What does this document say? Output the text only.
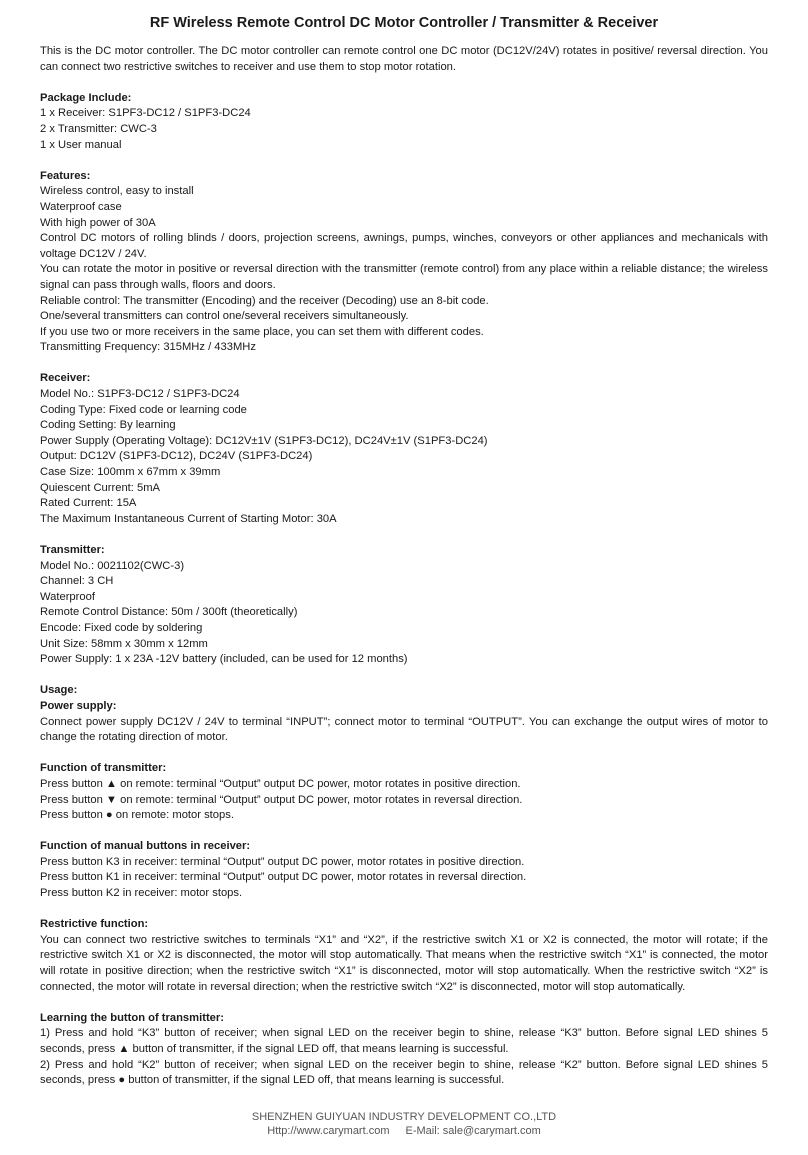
RF Wireless Remote Control DC Motor Controller / Transmitter & Receiver

This is the DC motor controller. The DC motor controller can remote control one DC motor (DC12V/24V) rotates in positive/ reversal direction. You can connect two restrictive switches to receiver and use them to stop motor rotation.

Package Include:

1 x Receiver: S1PF3-DC12 / S1PF3-DC24

2 x Transmitter: CWC-3

1 x User manual

Features:

Wireless control, easy to install

Waterproof case

With high power of 30A

Control DC motors of rolling blinds / doors, projection screens, awnings, pumps, winches, conveyors or other appliances and mechanicals with voltage DC12V / 24V.

You can rotate the motor in positive or reversal direction with the transmitter (remote control) from any place within a reliable distance; the wireless signal can pass through walls, floors and doors.

Reliable control: The transmitter (Encoding) and the receiver (Decoding) use an 8-bit code.

One/several transmitters can control one/several receivers simultaneously.

If you use two or more receivers in the same place, you can set them with different codes.

Transmitting Frequency: 315MHz / 433MHz

Receiver:

Model No.: S1PF3-DC12 / S1PF3-DC24

Coding Type: Fixed code or learning code

Coding Setting: By learning

Power Supply (Operating Voltage): DC12V±1V (S1PF3-DC12), DC24V±1V (S1PF3-DC24)

Output: DC12V (S1PF3-DC12), DC24V (S1PF3-DC24)

Case Size: 100mm x 67mm x 39mm

Quiescent Current: 5mA

Rated Current: 15A

The Maximum Instantaneous Current of Starting Motor: 30A

Transmitter:

Model No.: 0021102(CWC-3)

Channel: 3 CH

Waterproof

Remote Control Distance: 50m / 300ft (theoretically)

Encode: Fixed code by soldering

Unit Size: 58mm x 30mm x 12mm

Power Supply: 1 x 23A -12V battery (included, can be used for 12 months)

Usage:

Power supply:

Connect power supply DC12V / 24V to terminal “INPUT”; connect motor to terminal “OUTPUT”. You can exchange the output wires of motor to change the rotating direction of motor.

Function of transmitter:

Press button ▲ on remote: terminal “Output” output DC power, motor rotates in positive direction.

Press button ▼ on remote: terminal “Output” output DC power, motor rotates in reversal direction.

Press button ● on remote: motor stops.

Function of manual buttons in receiver:

Press button K3 in receiver: terminal “Output” output DC power, motor rotates in positive direction.

Press button K1 in receiver: terminal “Output” output DC power, motor rotates in reversal direction.

Press button K2 in receiver: motor stops.

Restrictive function:

You can connect two restrictive switches to terminals “X1” and “X2”, if the restrictive switch X1 or X2 is connected, the motor will rotate; if the restrictive switch X1 or X2 is disconnected, the motor will stop automatically. That means when the restrictive switch “X1” is connected, the motor will rotate in positive direction; when the restrictive switch “X1” is disconnected, motor will stop automatically. When the restrictive switch “X2” is connected, the motor will rotate in reversal direction; when the restrictive switch “X2” is disconnected, motor will stop automatically.

Learning the button of transmitter:

1) Press and hold “K3” button of receiver; when signal LED on the receiver begin to shine, release “K3” button. Before signal LED shines 5 seconds, press ▲ button of transmitter, if the signal LED off, that means learning is successful.

2) Press and hold “K2” button of receiver; when signal LED on the receiver begin to shine, release “K2” button. Before signal LED shines 5 seconds, press ● button of transmitter, if the signal LED off, that means learning is successful.

SHENZHEN GUIYUAN INDUSTRY DEVELOPMENT CO.,LTD
Http://www.carymart.com E-Mail: sale@carymart.com
